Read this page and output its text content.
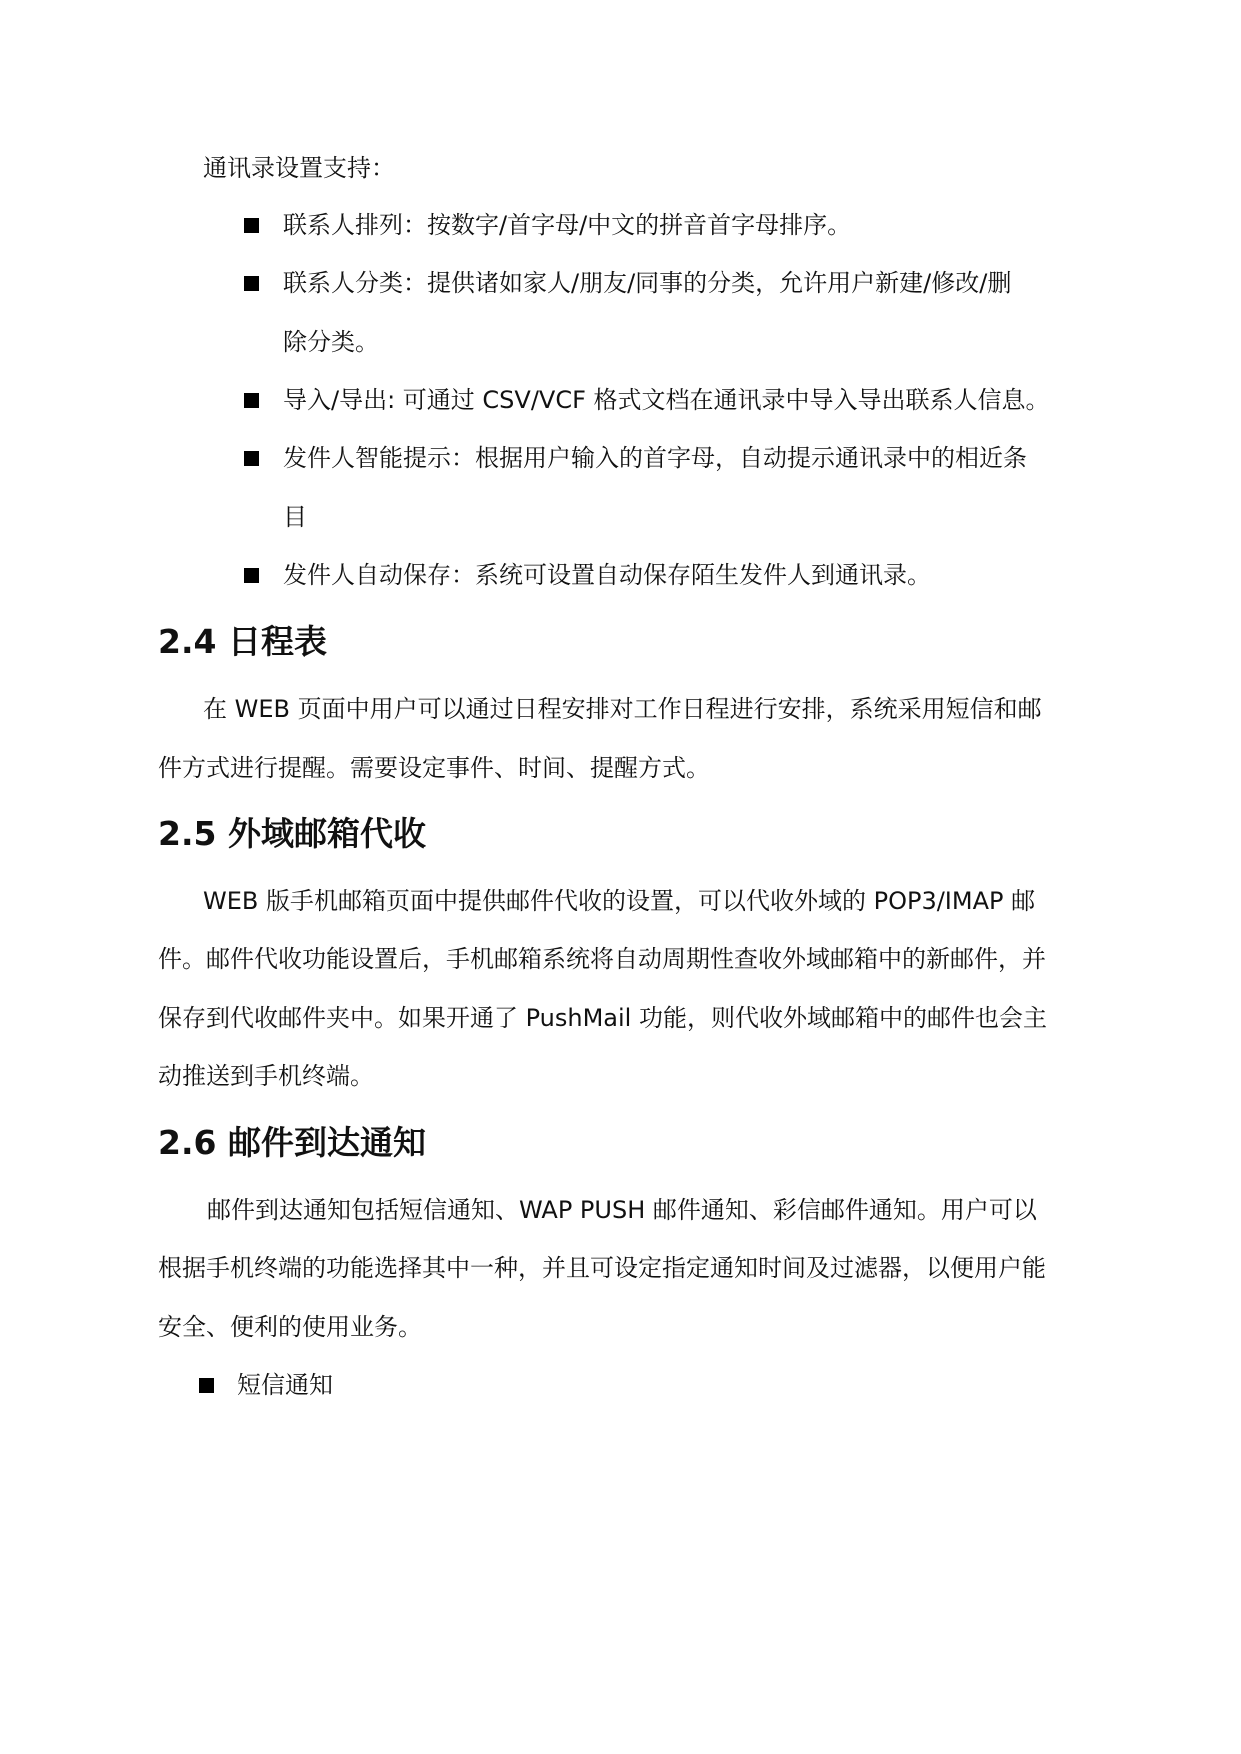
通讯录设置支持：
联系人排列：按数字/首字母/中文的拼音首字母排序。
联系人分类：提供诸如家人/朋友/同事的分类，允许用户新建/修改/删
除分类。
导入/导出: 可通过 CSV/VCF 格式文档在通讯录中导入导出联系人信息。
发件人智能提示：根据用户输入的首字母，自动提示通讯录中的相近条
目
发件人自动保存：系统可设置自动保存陌生发件人到通讯录。
2.4 日程表
在 WEB 页面中用户可以通过日程安排对工作日程进行安排，系统采用短信和邮
件方式进行提醒。需要设定事件、时间、提醒方式。
2.5 外域邮箱代收
WEB 版手机邮箱页面中提供邮件代收的设置，可以代收外域的 POP3/IMAP 邮
件。邮件代收功能设置后，手机邮箱系统将自动周期性查收外域邮箱中的新邮件，并
保存到代收邮件夹中。如果开通了 PushMail 功能，则代收外域邮箱中的邮件也会主
动推送到手机终端。
2.6 邮件到达通知
邮件到达通知包括短信通知、WAP PUSH 邮件通知、彩信邮件通知。用户可以
根据手机终端的功能选择其中一种，并且可设定指定通知时间及过滤器，以便用户能
安全、便利的使用业务。
短信通知
